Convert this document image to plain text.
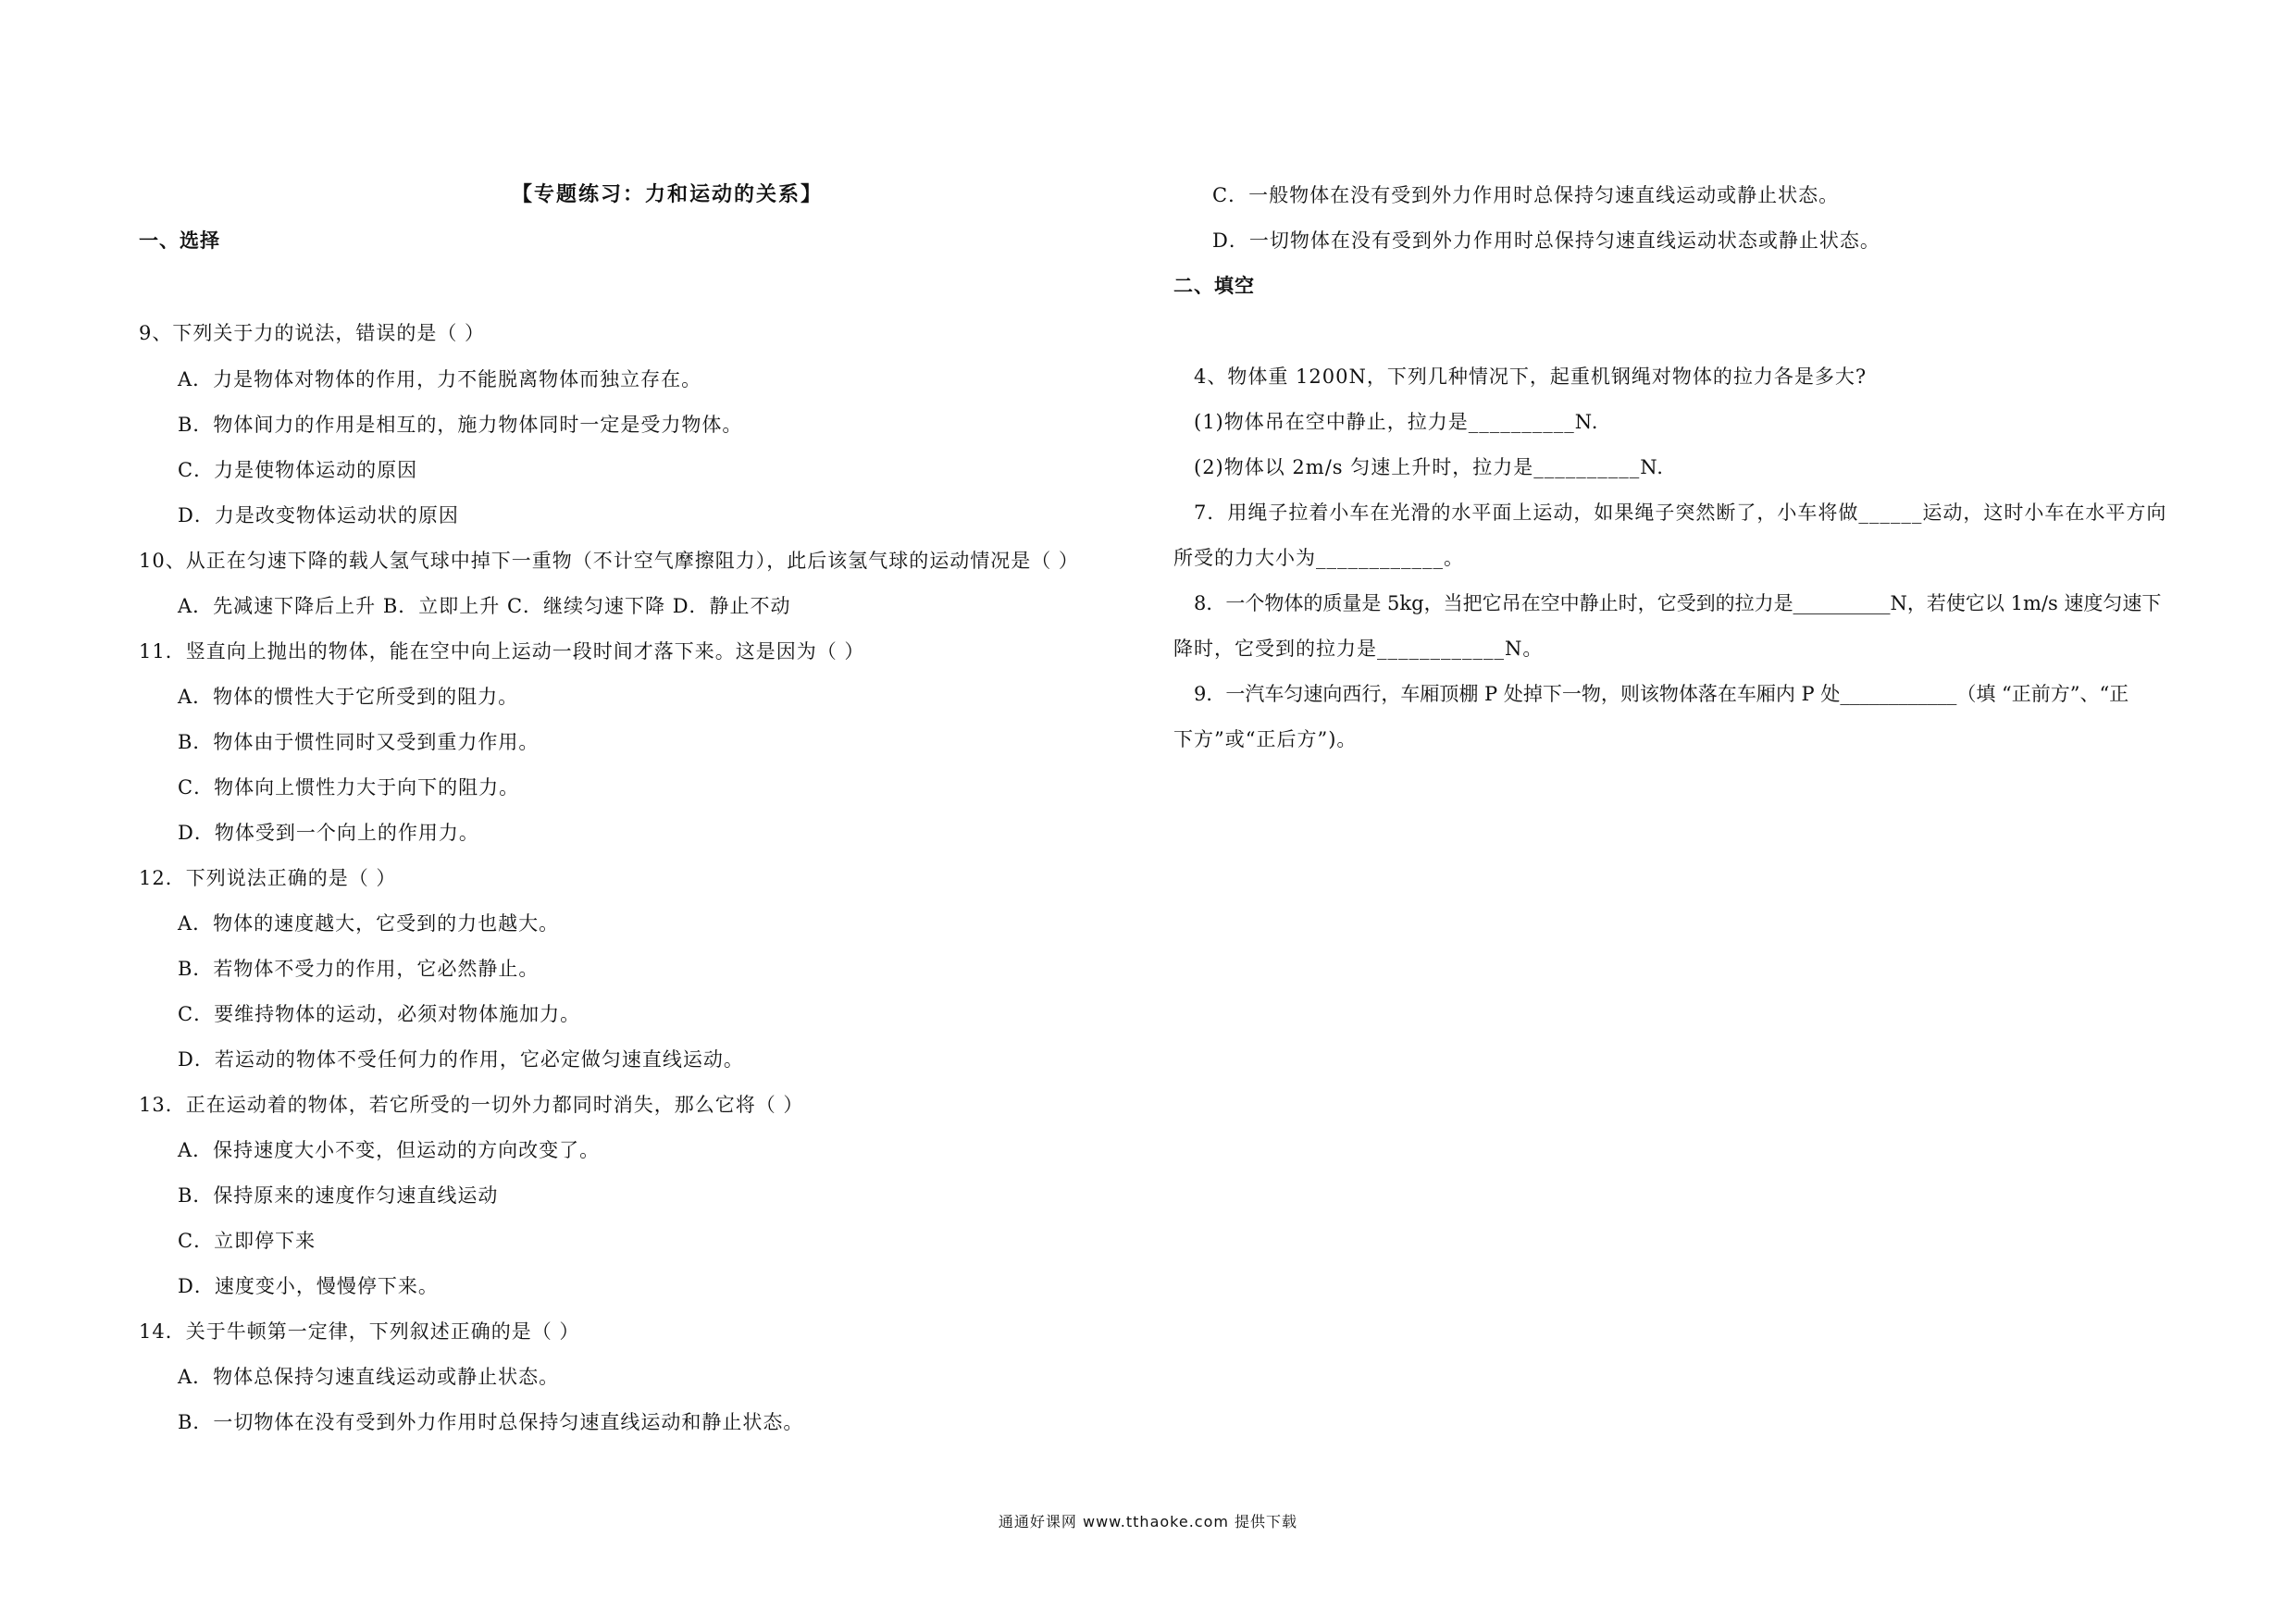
【专题练习：力和运动的关系】
一、选择
9、下列关于力的说法，错误的是（ ）
A．力是物体对物体的作用，力不能脱离物体而独立存在。
B．物体间力的作用是相互的，施力物体同时一定是受力物体。
C．力是使物体运动的原因
D．力是改变物体运动状的原因
10、从正在匀速下降的载人氢气球中掉下一重物（不计空气摩擦阻力），此后该氢气球的运动情况是（ ）
A．先减速下降后上升 B．立即上升 C．继续匀速下降 D．静止不动
11．竖直向上抛出的物体，能在空中向上运动一段时间才落下来。这是因为（ ）
A．物体的惯性大于它所受到的阻力。
B．物体由于惯性同时又受到重力作用。
C．物体向上惯性力大于向下的阻力。
D．物体受到一个向上的作用力。
12．下列说法正确的是（ ）
A．物体的速度越大，它受到的力也越大。
B．若物体不受力的作用，它必然静止。
C．要维持物体的运动，必须对物体施加力。
D．若运动的物体不受任何力的作用，它必定做匀速直线运动。
13．正在运动着的物体，若它所受的一切外力都同时消失，那么它将（ ）
A．保持速度大小不变，但运动的方向改变了。
B．保持原来的速度作匀速直线运动
C．立即停下来
D．速度变小，慢慢停下来。
14．关于牛顿第一定律，下列叙述正确的是（ ）
A．物体总保持匀速直线运动或静止状态。
B．一切物体在没有受到外力作用时总保持匀速直线运动和静止状态。
C．一般物体在没有受到外力作用时总保持匀速直线运动或静止状态。
D．一切物体在没有受到外力作用时总保持匀速直线运动状态或静止状态。
二、填空
4、物体重 1200N，下列几种情况下，起重机钢绳对物体的拉力各是多大?
(1)物体吊在空中静止，拉力是__________N.
(2)物体以 2m/s 匀速上升时，拉力是__________N.
7．用绳子拉着小车在光滑的水平面上运动，如果绳子突然断了，小车将做______运动，这时小车在水平方向
所受的力大小为____________。
8．一个物体的质量是 5kg，当把它吊在空中静止时，它受到的拉力是__________N，若使它以 1m/s 速度匀速下
降时，它受到的拉力是____________N。
9．一汽车匀速向西行，车厢顶棚 P 处掉下一物，则该物体落在车厢内 P 处____________（填 “正前方”、“正
下方”或“正后方”)。
通通好课网 www.tthaoke.com 提供下载
